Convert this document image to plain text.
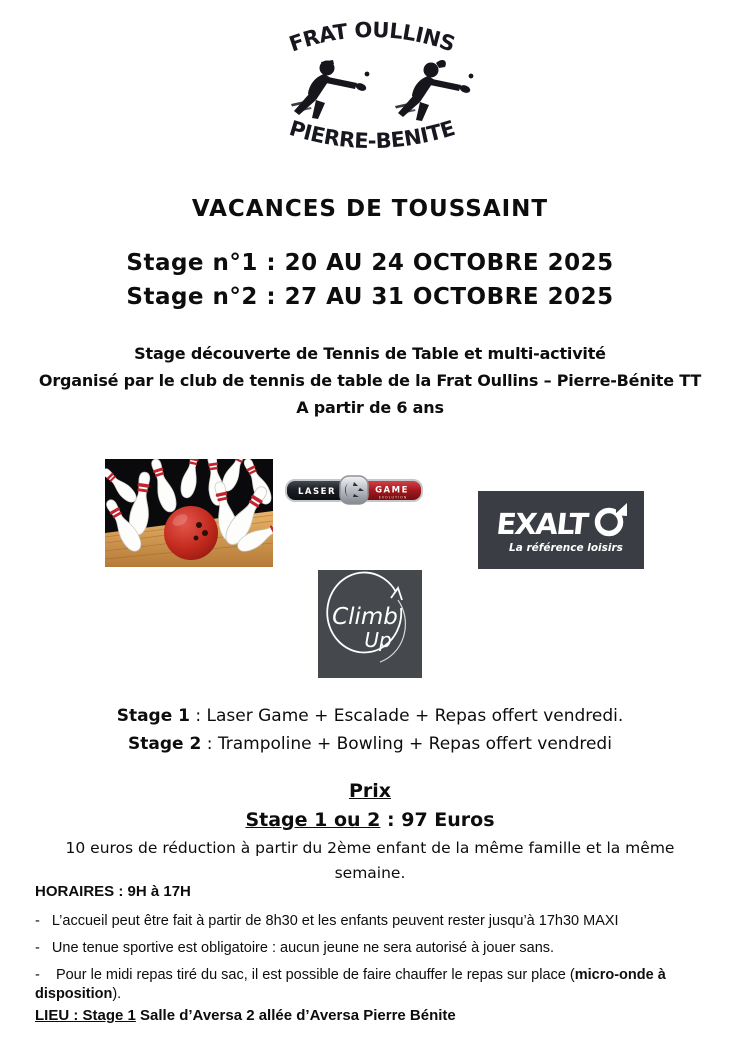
FRAT OULLINS
PIERRE-BENITE
VACANCES DE TOUSSAINT
Stage n°1 : 20 AU 24 OCTOBRE 2025
Stage n°2 : 27 AU 31 OCTOBRE 2025
Stage découverte de Tennis de Table et multi-activité
Organisé par le club de tennis de table de la Frat Oullins – Pierre-Bénite TT
A partir de 6 ans
LASER	GAME
EVOLUTION
EXALT
La référence loisirs
Climb
Up
Stage 1 : Laser Game + Escalade + Repas offert vendredi.
Stage 2 : Trampoline + Bowling + Repas offert vendredi
Prix
Stage 1 ou 2 : 97 Euros
10 euros de réduction à partir du 2ème enfant de la même famille et la même semaine.
HORAIRES : 9H à 17H
-   L’accueil peut être fait à partir de 8h30 et les enfants peuvent rester jusqu’à 17h30 MAXI
-   Une tenue sportive est obligatoire : aucun jeune ne sera autorisé à jouer sans.
-    Pour le midi repas tiré du sac, il est possible de faire chauffer le repas sur place (micro-onde à disposition).
LIEU : Stage 1 Salle d’Aversa 2 allée d’Aversa Pierre Bénite
